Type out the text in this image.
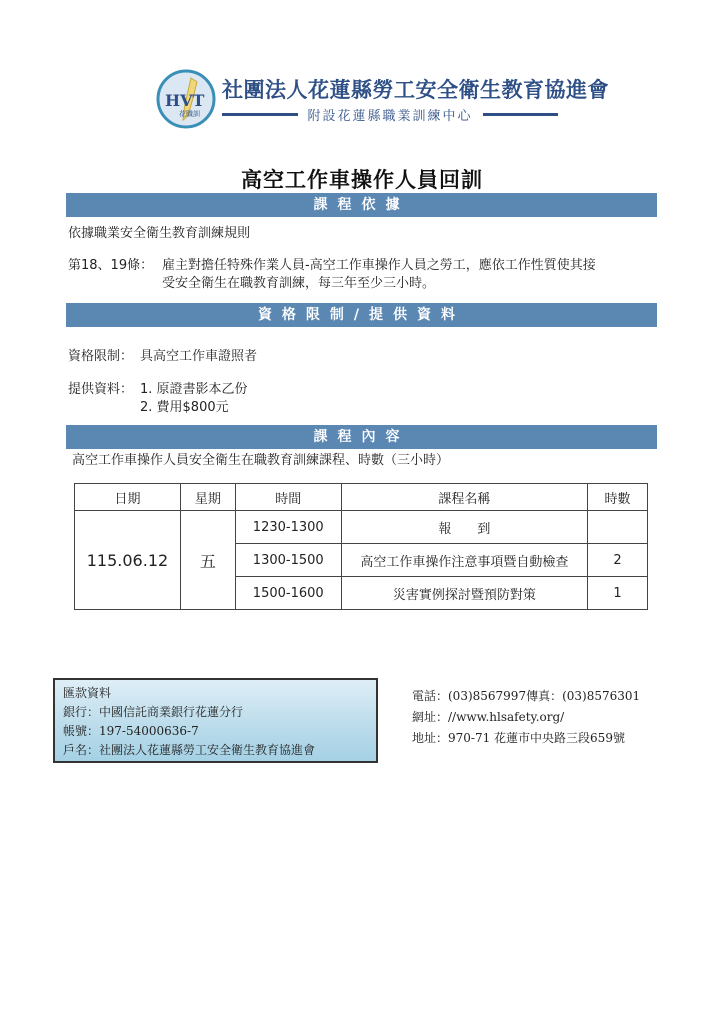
HVT
花職訓
社團法人花蓮縣勞工安全衛生教育協進會
附設花蓮縣職業訓練中心
高空工作車操作人員回訓
課程依據
依據職業安全衛生教育訓練規則
第18、19條： 雇主對擔任特殊作業人員-高空工作車操作人員之勞工，應依工作性質使其接
受安全衛生在職教育訓練，每三年至少三小時。
資格限制/提供資料
資格限制： 具高空工作車證照者
提供資料： 1. 原證書影本乙份
2. 費用$800元
課程內容
高空工作車操作人員安全衛生在職教育訓練課程、時數（三小時）
日期	星期	時間	課程名稱	時數
115.06.12	五	1230-1300	報　　到	
		1300-1500	高空工作車操作注意事項暨自動檢查	2
		1500-1600	災害實例探討暨預防對策	1
匯款資料
銀行：中國信託商業銀行花蓮分行
帳號：197-54000636-7
戶名：社團法人花蓮縣勞工安全衛生教育協進會
電話：(03)8567997傳真：(03)8576301
網址：//www.hlsafety.org/
地址：970-71 花蓮市中央路三段659號
